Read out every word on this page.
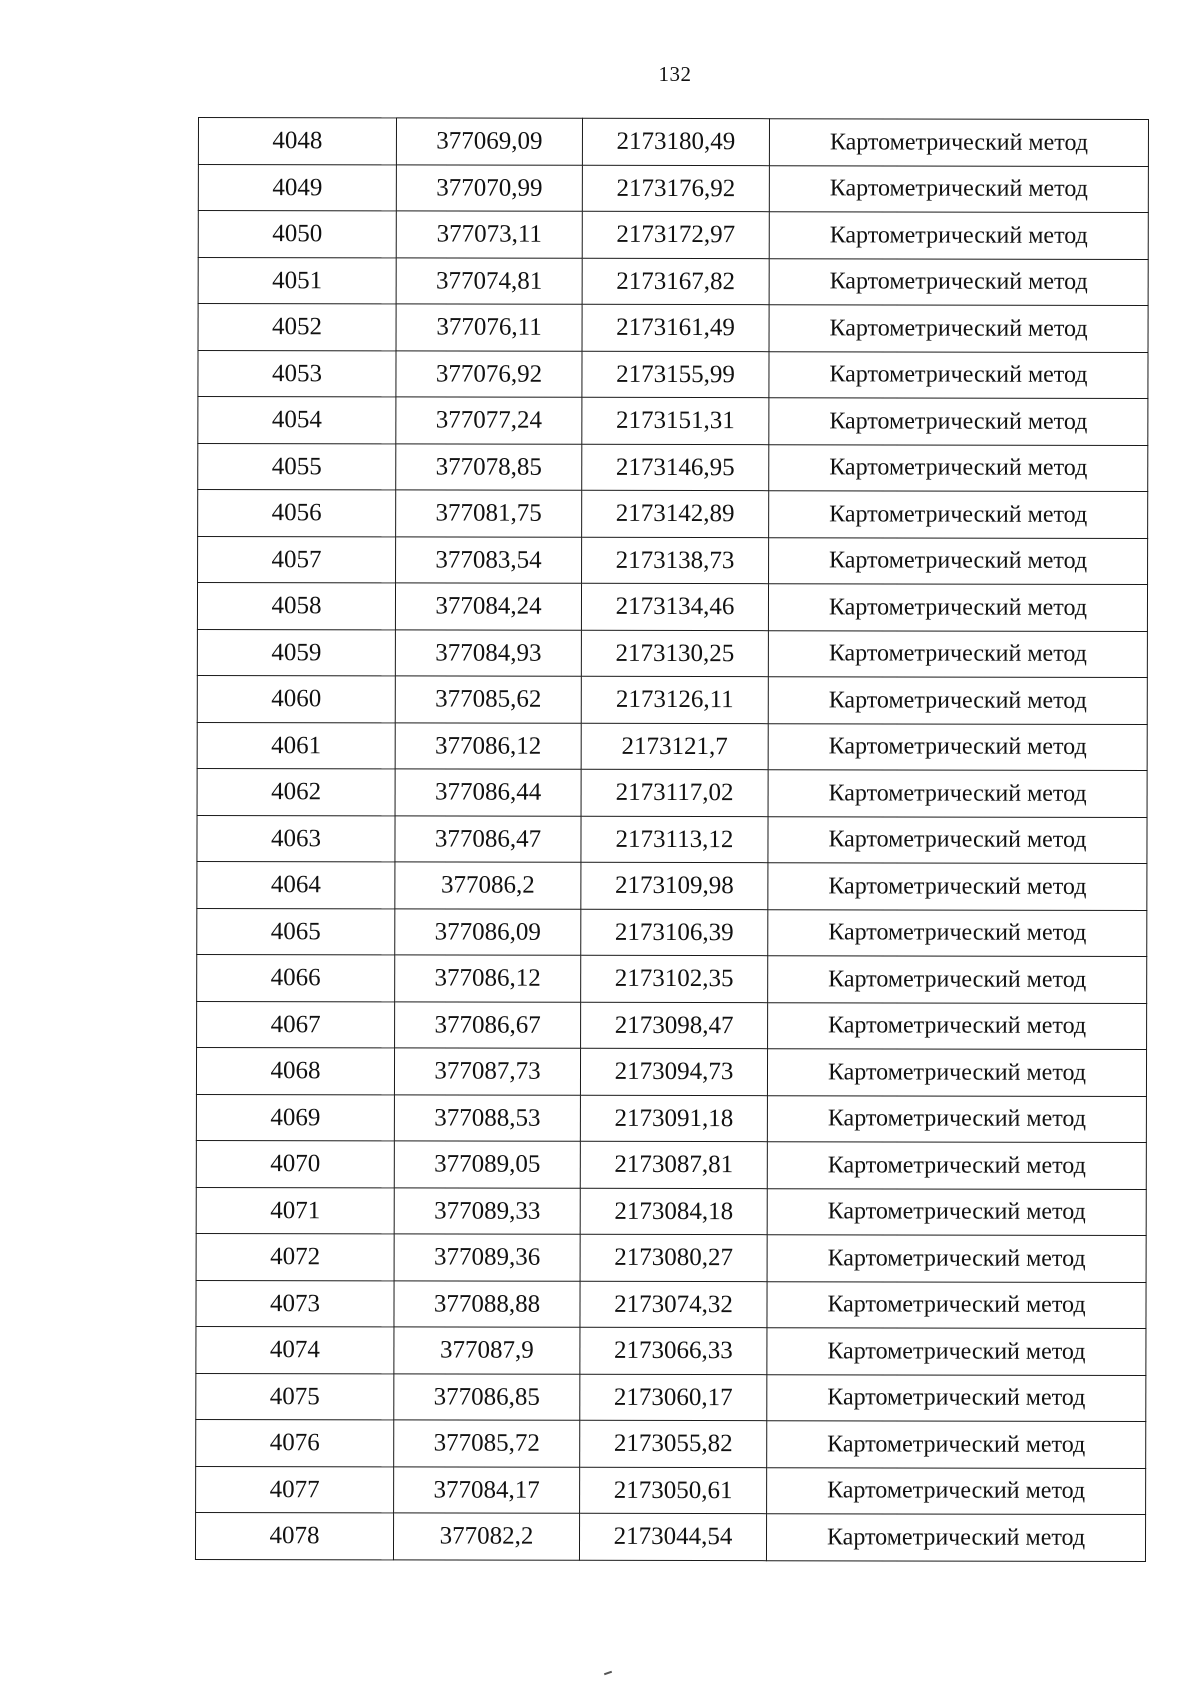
132
4048	377069,09	2173180,49	Картометрический метод
4049	377070,99	2173176,92	Картометрический метод
4050	377073,11	2173172,97	Картометрический метод
4051	377074,81	2173167,82	Картометрический метод
4052	377076,11	2173161,49	Картометрический метод
4053	377076,92	2173155,99	Картометрический метод
4054	377077,24	2173151,31	Картометрический метод
4055	377078,85	2173146,95	Картометрический метод
4056	377081,75	2173142,89	Картометрический метод
4057	377083,54	2173138,73	Картометрический метод
4058	377084,24	2173134,46	Картометрический метод
4059	377084,93	2173130,25	Картометрический метод
4060	377085,62	2173126,11	Картометрический метод
4061	377086,12	2173121,7	Картометрический метод
4062	377086,44	2173117,02	Картометрический метод
4063	377086,47	2173113,12	Картометрический метод
4064	377086,2	2173109,98	Картометрический метод
4065	377086,09	2173106,39	Картометрический метод
4066	377086,12	2173102,35	Картометрический метод
4067	377086,67	2173098,47	Картометрический метод
4068	377087,73	2173094,73	Картометрический метод
4069	377088,53	2173091,18	Картометрический метод
4070	377089,05	2173087,81	Картометрический метод
4071	377089,33	2173084,18	Картометрический метод
4072	377089,36	2173080,27	Картометрический метод
4073	377088,88	2173074,32	Картометрический метод
4074	377087,9	2173066,33	Картометрический метод
4075	377086,85	2173060,17	Картометрический метод
4076	377085,72	2173055,82	Картометрический метод
4077	377084,17	2173050,61	Картометрический метод
4078	377082,2	2173044,54	Картометрический метод
